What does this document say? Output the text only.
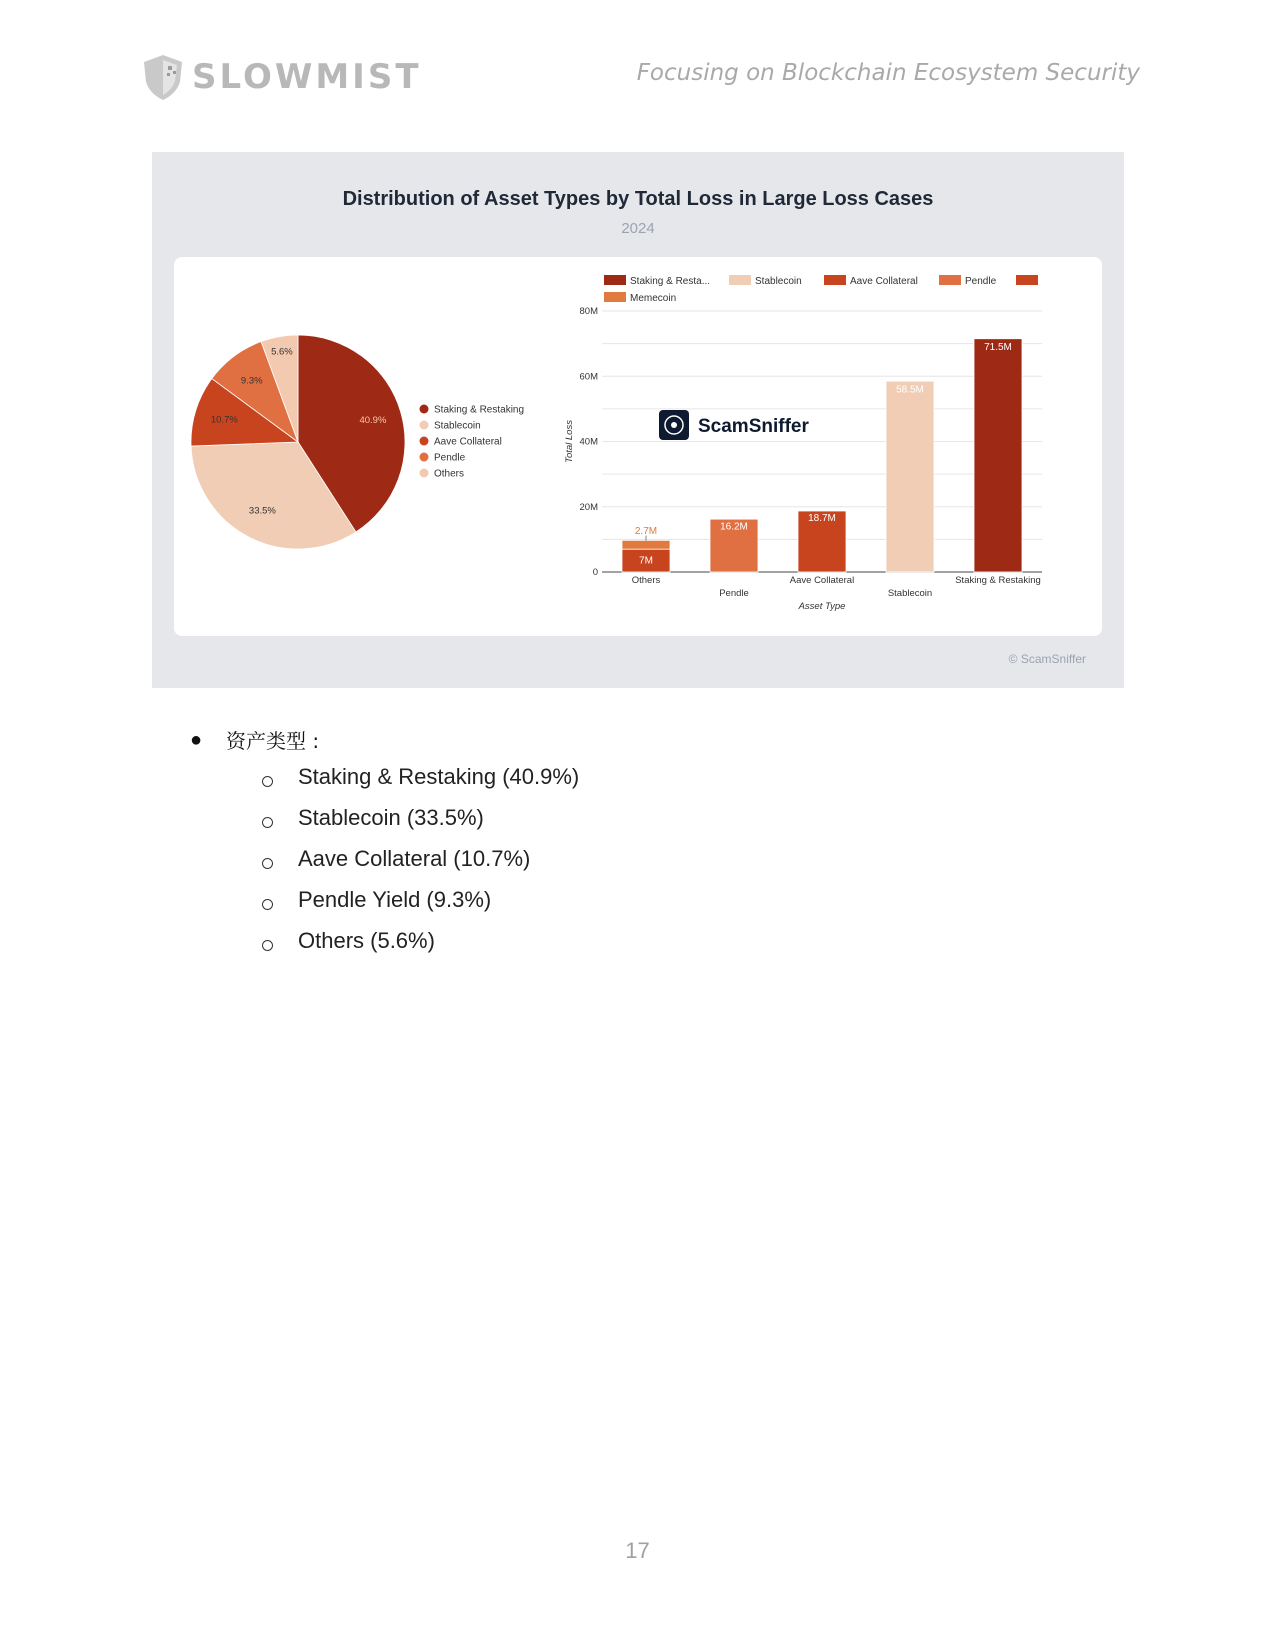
SLOWMIST	Focusing on Blockchain Ecosystem Security
Distribution of Asset Types by Total Loss in Large Loss Cases
2024
40.9%
33.5%
10.7%
9.3%
5.6%
Staking & Restaking
Stablecoin
Aave Collateral
Pendle
Others
0
20M
40M
60M
80M
Total Loss
Asset Type
Others
Pendle
Aave Collateral
Stablecoin
Staking & Restaking
7M
2.7M	16.2M
18.7M
58.5M
71.5M
Staking & Resta...	Stablecoin	Aave Collateral	Pendle
Memecoin
ScamSniffer
© ScamSniffer
● 资产类型 :
Staking & Restaking (40.9%)
Stablecoin (33.5%)
Aave Collateral (10.7%)
Pendle Yield (9.3%)
Others (5.6%)
17
